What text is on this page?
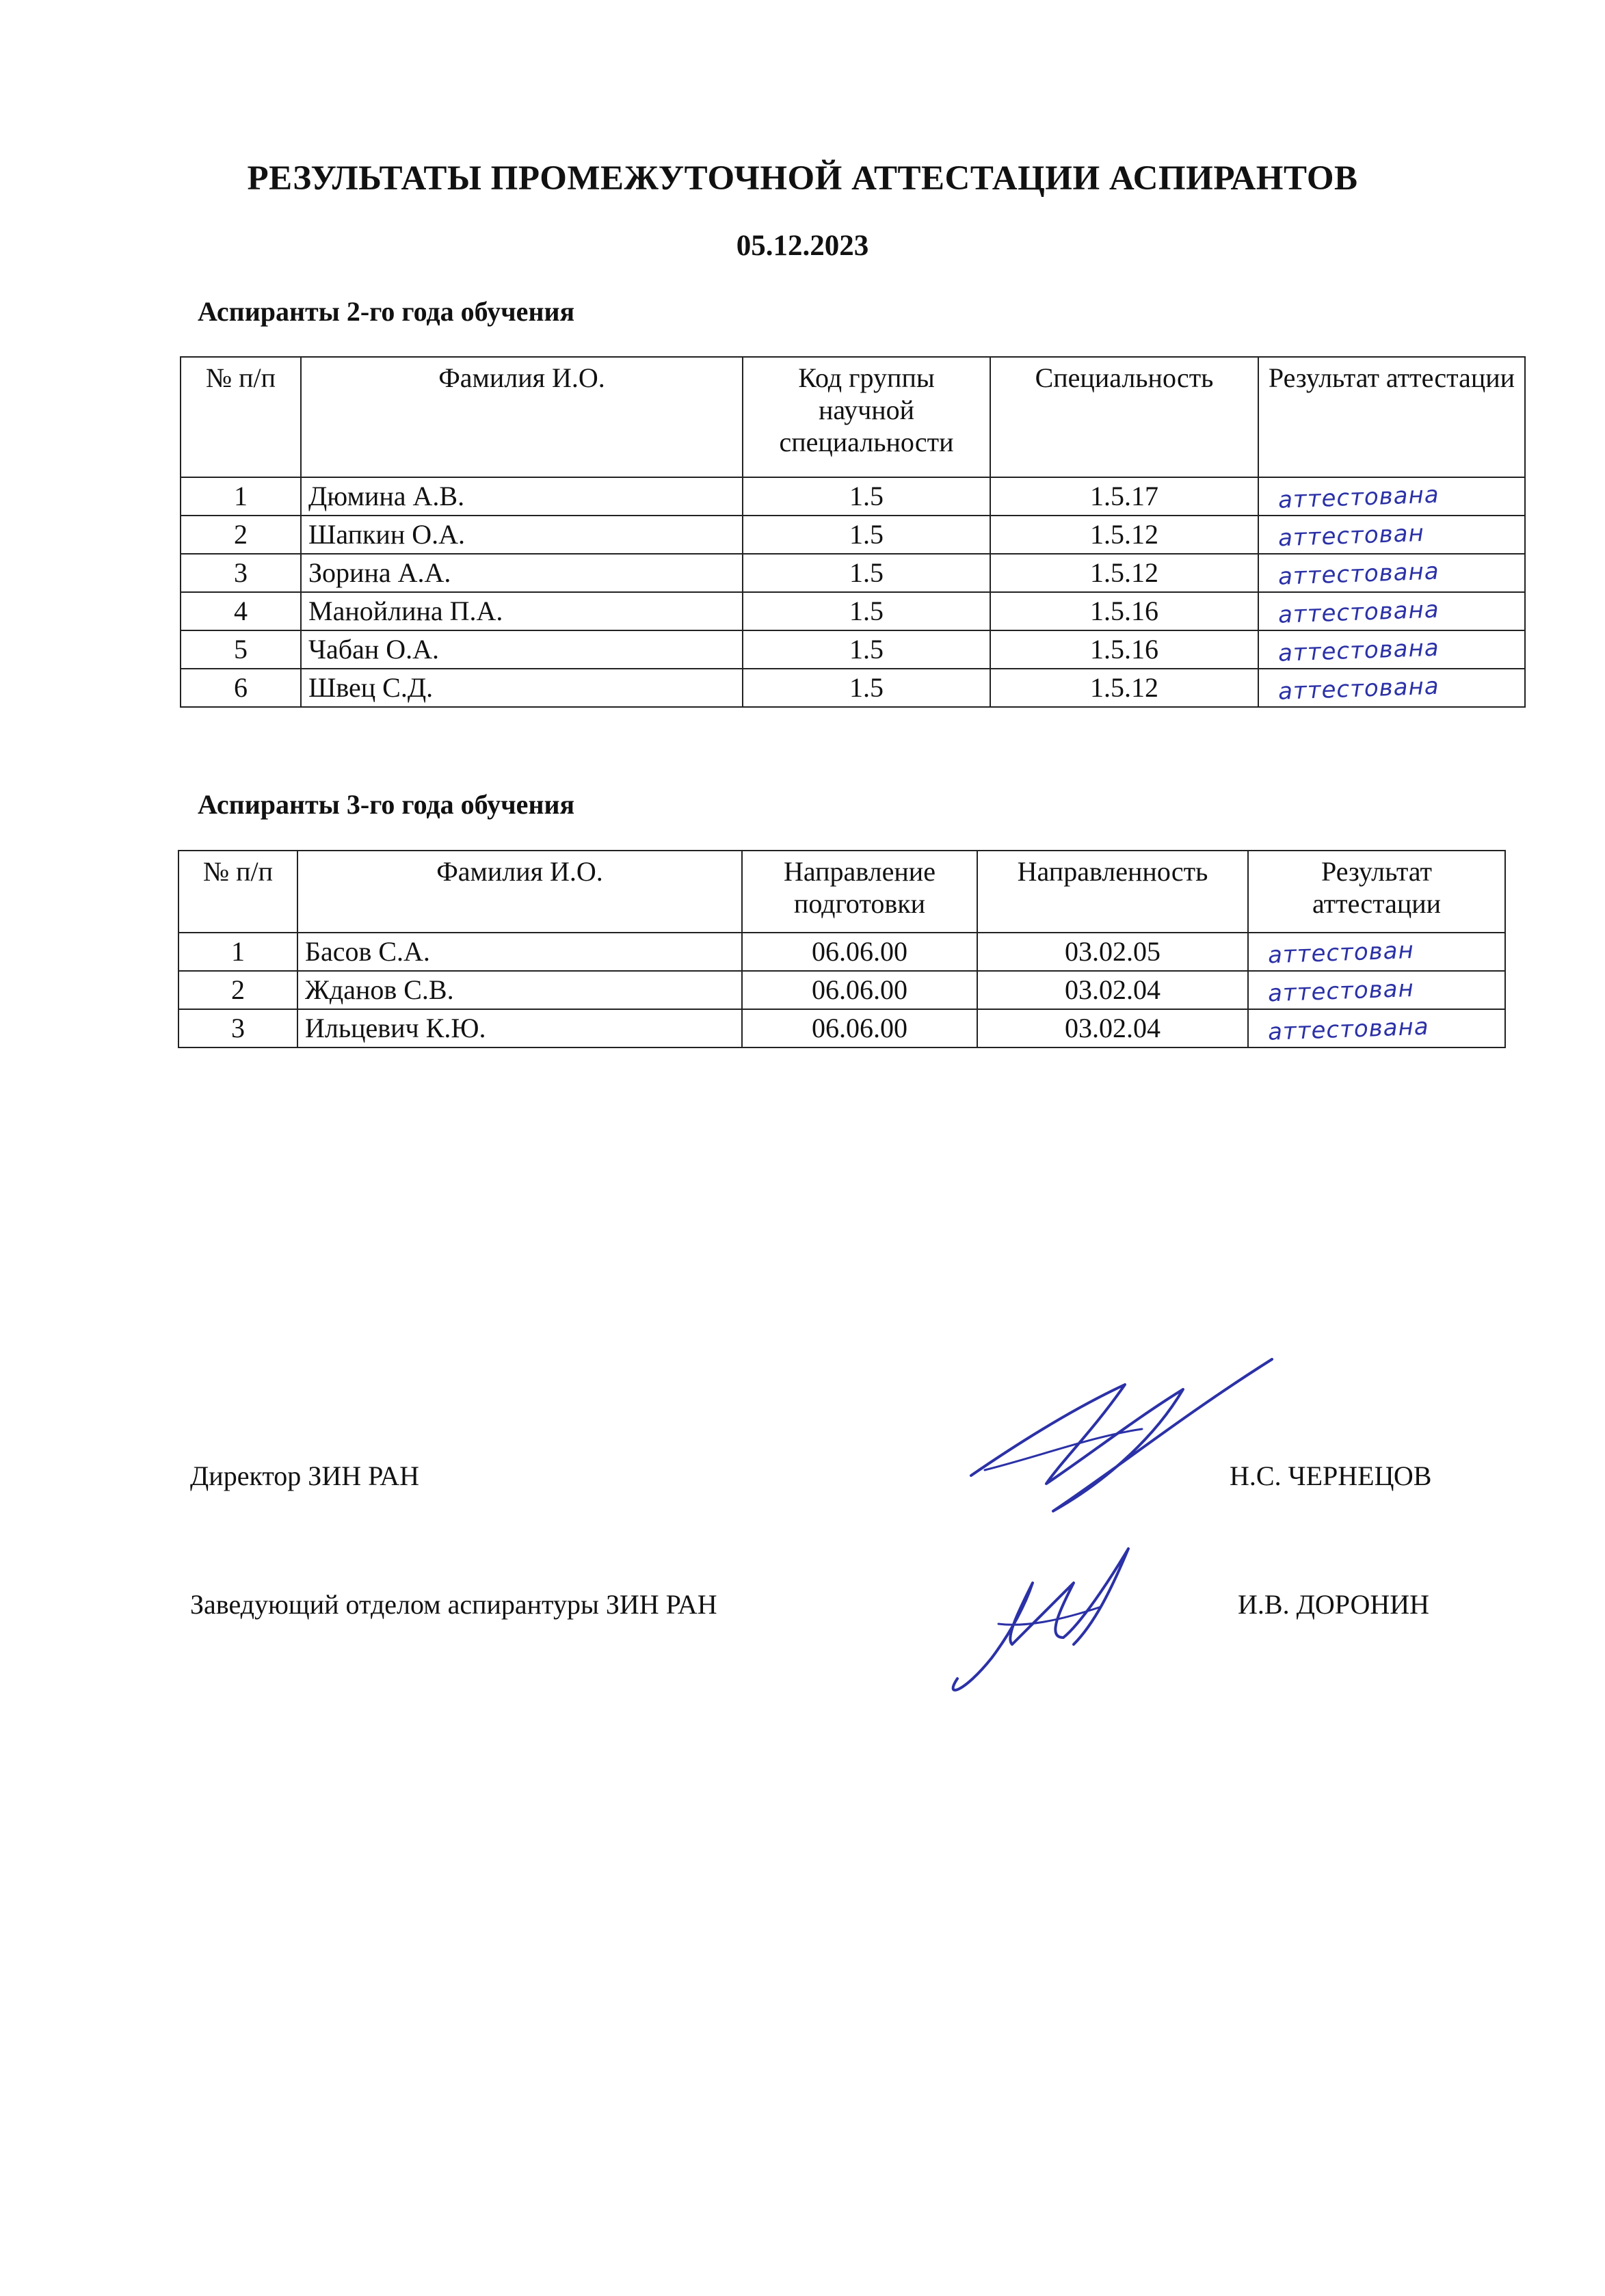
РЕЗУЛЬТАТЫ ПРОМЕЖУТОЧНОЙ АТТЕСТАЦИИ АСПИРАНТОВ
05.12.2023
Аспиранты 2-го года обучения
№ п/п	Фамилия И.О.	Код группы научной специальности	Специальность	Результат аттестации
1	Дюмина А.В.	1.5	1.5.17	аттестована
2	Шапкин О.А.	1.5	1.5.12	аттестован
3	Зорина А.А.	1.5	1.5.12	аттестована
4	Манойлина П.А.	1.5	1.5.16	аттестована
5	Чабан О.А.	1.5	1.5.16	аттестована
6	Швец С.Д.	1.5	1.5.12	аттестована
Аспиранты 3-го года обучения
№ п/п	Фамилия И.О.	Направление подготовки	Направленность	Результат аттестации
1	Басов С.А.	06.06.00	03.02.05	аттестован
2	Жданов С.В.	06.06.00	03.02.04	аттестован
3	Ильцевич К.Ю.	06.06.00	03.02.04	аттестована
Директор ЗИН РАН	Н.С. ЧЕРНЕЦОВ
Заведующий отделом аспирантуры ЗИН РАН	И.В. ДОРОНИН
